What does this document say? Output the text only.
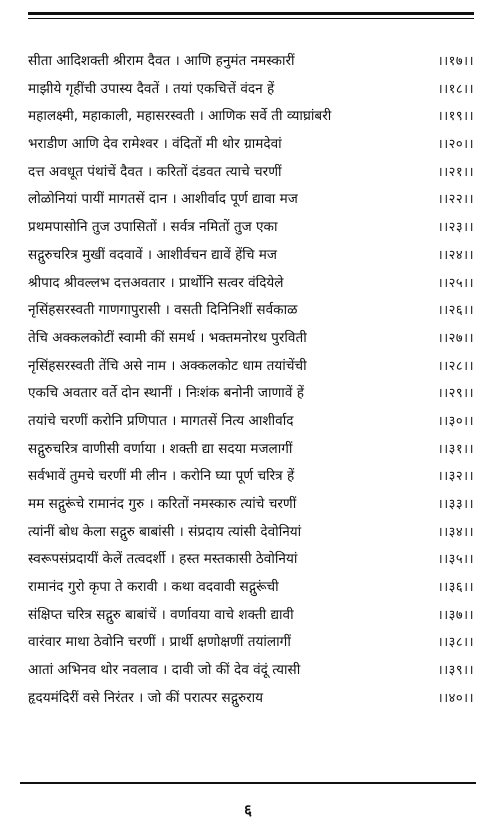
सीता आदिशक्ती श्रीराम दैवत । आणि हनुमंत नमस्कारीं	।।१७।।
माझीये गृहींची उपास्य दैवतें । तयां एकचित्तें वंदन हें	।।१८।।
महालक्ष्मी, महाकाली, महासरस्वती । आणिक सर्वे ती व्याघ्रांबरी	।।१९।।
भराडीण आणि देव रामेश्वर । वंदितों मी थोर ग्रामदेवां	।।२०।।
दत्त अवधूत पंथांचें दैवत । करितों दंडवत त्याचे चरणीं	।।२१।।
लोळोनियां पायीं मागतसें दान । आशीर्वाद पूर्ण द्यावा मज	।।२२।।
प्रथमपासोनि तुज उपासितों । सर्वत्र नमितों तुज एका	।।२३।।
सद्गुरुचरित्र मुखीं वदवावें । आशीर्वचन द्यावें हेंचि मज	।।२४।।
श्रीपाद श्रीवल्लभ दत्तअवतार । प्रार्थोनि सत्वर वंदियेले	।।२५।।
नृसिंहसरस्वती गाणगापुरासी । वसती दिनिनिशीं सर्वकाळ	।।२६।।
तेचि अक्कलकोटीं स्वामी कीं समर्थ । भक्तमनोरथ पुरविती	।।२७।।
नृसिंहसरस्वती तेंचि असे नाम । अक्कलकोट धाम तयांचेंची	।।२८।।
एकचि अवतार वर्ते दोन स्थानीं । निःशंक बनोनी जाणावें हें	।।२९।।
तयांचे चरणीं करोनि प्रणिपात । मागतसें नित्य आशीर्वाद	।।३०।।
सद्गुरुचरित्र वाणीसी वर्णाया । शक्ती द्या सदया मजलागीं	।।३१।।
सर्वभावें तुमचे चरणीं मी लीन । करोनि घ्या पूर्ण चरित्र हें	।।३२।।
मम सद्गुरूंचे रामानंद गुरु । करितों नमस्कारु त्यांचे चरणीं	।।३३।।
त्यांनीं बोध केला सद्गुरु बाबांसी । संप्रदाय त्यांसी देवोनियां	।।३४।।
स्वरूपसंप्रदायीं केलें तत्वदर्शी । हस्त मस्तकासी ठेवोनियां	।।३५।।
रामानंद गुरो कृपा ते करावी । कथा वदवावी सद्गुरूंची	।।३६।।
संक्षिप्त चरित्र सद्गुरु बाबांचें । वर्णावया वाचे शक्ती द्यावी	।।३७।।
वारंवार माथा ठेवोनि चरणीं । प्रार्थी क्षणोक्षणीं तयांलागीं	।।३८।।
आतां अभिनव थोर नवलाव । दावी जो कीं देव वंदूं त्यासी	।।३९।।
हृदयमंदिरीं वसे निरंतर । जो कीं परात्पर सद्गुरुराय	।।४०।।
६
